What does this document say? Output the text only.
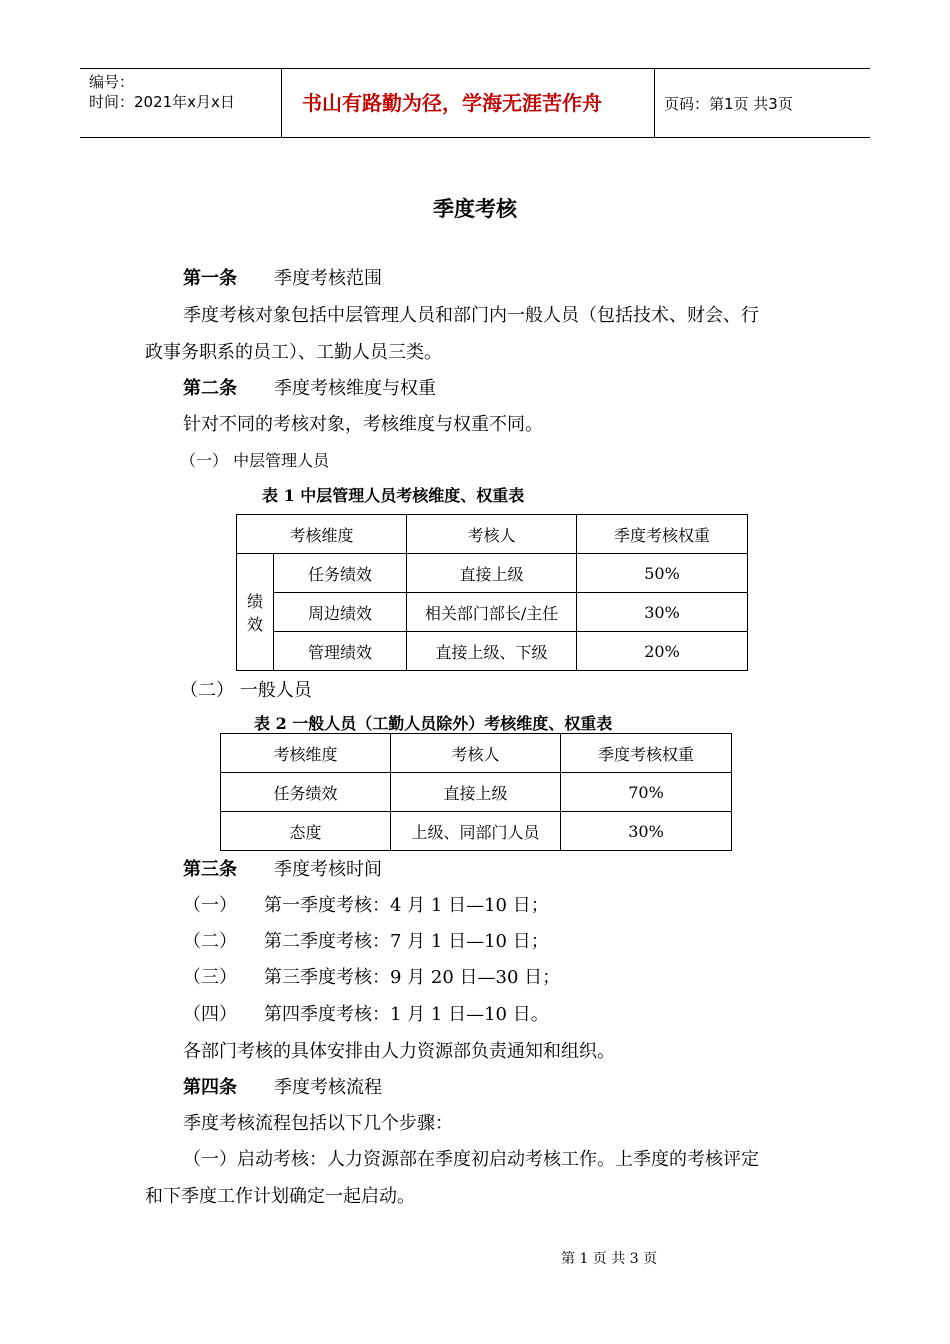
编号：
时间：2021年x月x日	书山有路勤为径，学海无涯苦作舟	页码：第1页 共3页
季度考核
第一条 季度考核范围
季度考核对象包括中层管理人员和部门内一般人员（包括技术、财会、行
政事务职系的员工）、工勤人员三类。
第二条 季度考核维度与权重
针对不同的考核对象，考核维度与权重不同。
（一） 中层管理人员
表 1 中层管理人员考核维度、权重表
考核维度		考核人	季度考核权重

绩
效	任务绩效	直接上级	50%
	周边绩效	相关部门部长/主任	30%
	管理绩效	直接上级、下级	20%
（二） 一般人员
表 2 一般人员（工勤人员除外）考核维度、权重表
考核维度	考核人	季度考核权重
任务绩效	直接上级	70%
态度	上级、同部门人员	30%
第三条 季度考核时间
（一） 第一季度考核：4 月 1 日—10 日；
（二） 第二季度考核：7 月 1 日—10 日；
（三） 第三季度考核：9 月 20 日—30 日；
（四） 第四季度考核：1 月 1 日—10 日。
各部门考核的具体安排由人力资源部负责通知和组织。
第四条 季度考核流程
季度考核流程包括以下几个步骤：
（一）启动考核：人力资源部在季度初启动考核工作。上季度的考核评定
和下季度工作计划确定一起启动。
第 1 页 共 3 页
